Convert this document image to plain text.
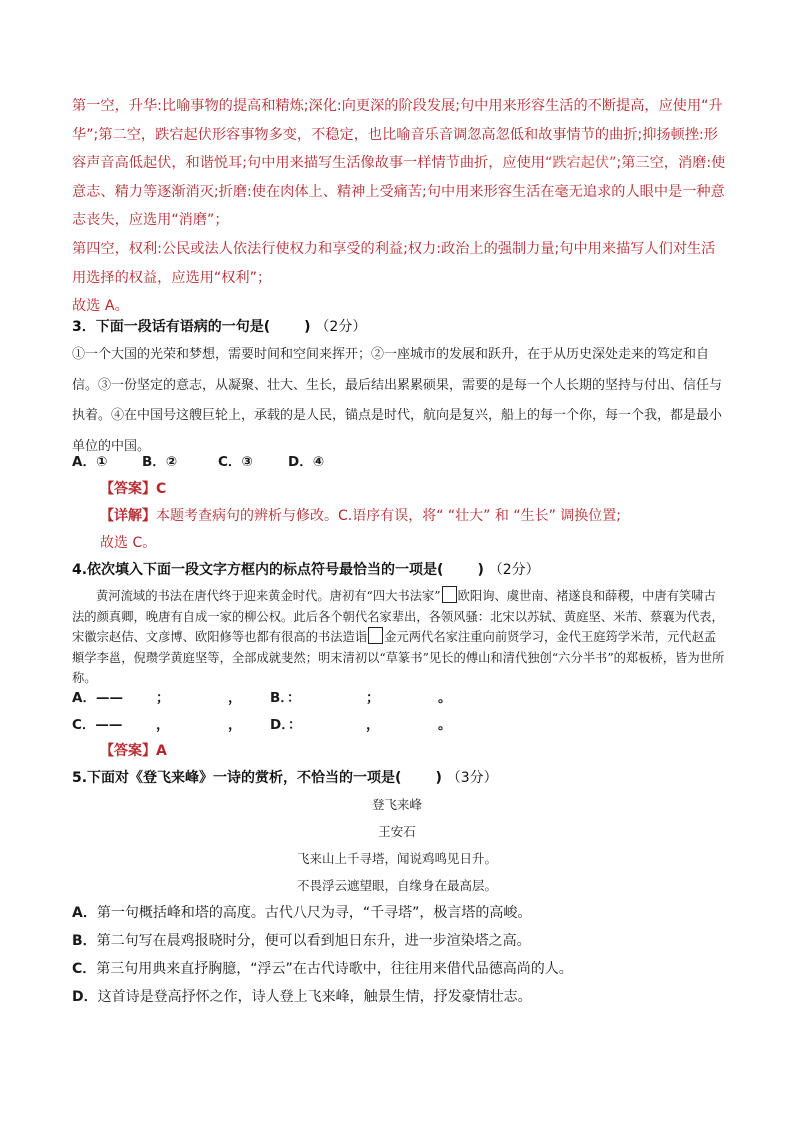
第一空，升华:比喻事物的提高和精炼;深化:向更深的阶段发展;句中用来形容生活的不断提高，应使用“升华”;第二空，跌宕起伏形容事物多变，不稳定，也比喻音乐音调忽高忽低和故事情节的曲折;抑扬顿挫:形容声音高低起伏，和谐悦耳;句中用来描写生活像故事一样情节曲折，应使用“跌宕起伏”;第三空，消磨:使意志、精力等逐渐消灭;折磨:使在肉体上、精神上受痛苦;句中用来形容生活在毫无追求的人眼中是一种意志丧失，应选用“消磨”；

第四空，权利:公民或法人依法行使权力和享受的利益;权力:政治上的强制力量;句中用来描写人们对生活用选择的权益，应选用“权利”；

故选 A。

3．下面一段话有语病的一句是( ) （2分）
①一个大国的光荣和梦想，需要时间和空间来挥开；②一座城市的发展和跃升，在于从历史深处走来的笃定和自信。③一份坚定的意志，从凝聚、壮大、生长，最后结出累累硕果，需要的是每一个人长期的坚持与付出、信任与执着。④在中国号这艘巨轮上，承载的是人民，锚点是时代，航向是复兴，船上的每一个你，每一个我，都是最小单位的中国。
A．①	B．②	C．③	D．④
【答案】C
【详解】本题考查病句的辨析与修改。C.语序有误，将“ “壮大” 和 “生长” 调换位置;
故选 C。
4.依次填入下面一段文字方框内的标点符号最恰当的一项是( ) （2分）
黄河流域的书法在唐代终于迎来黄金时代。唐初有“四大书法家” 欧阳询、虞世南、褚遂良和薛稷，中唐有笑啸古法的颜真卿，晚唐有自成一家的柳公权。此后各个朝代名家辈出，各领风骚：北宋以苏轼、黄庭坚、米芾、蔡襄为代表，宋徽宗赵佶、文彦博、欧阳修等也都有很高的书法造诣 金元两代名家注重向前贤学习，金代王庭筠学米芾，元代赵孟頫学李邕，倪瓒学黄庭坚等，全部成就斐然；明末清初以“草篆书”见长的傅山和清代独创“六分半书”的郑板桥，皆为世所称。
A．—— ；	， B．：	；	。
C．—— ，	， D．：	，	。
【答案】A
5.下面对《登飞来峰》一诗的赏析，不恰当的一项是( ) （3分）
登飞来峰
王安石
飞来山上千寻塔，闻说鸡鸣见日升。
不畏浮云遮望眼，自缘身在最高层。

A．第一句概括峰和塔的高度。古代八尺为寻，“千寻塔”，极言塔的高峻。

B．第二句写在晨鸡报晓时分，便可以看到旭日东升，进一步渲染塔之高。

C．第三句用典来直抒胸臆，“浮云”在古代诗歌中，往往用来借代品德高尚的人。

D．这首诗是登高抒怀之作，诗人登上飞来峰，触景生情，抒发豪情壮志。
